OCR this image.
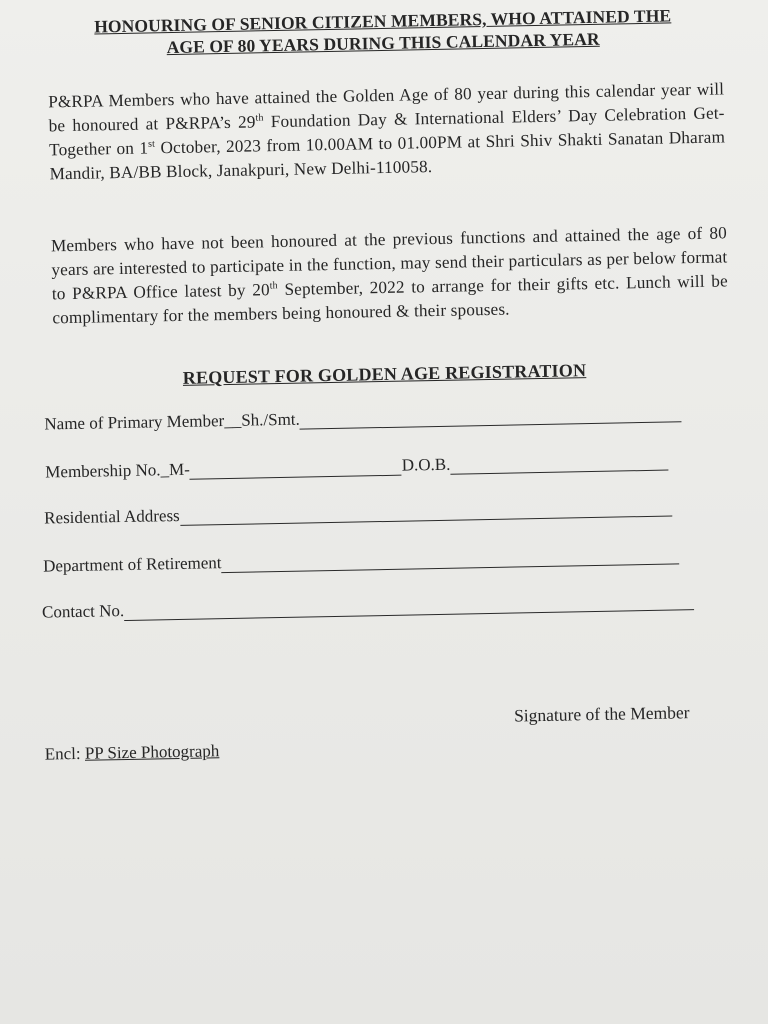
HONOURING OF SENIOR CITIZEN MEMBERS, WHO ATTAINED THE
AGE OF 80 YEARS DURING THIS CALENDAR YEAR
P&RPA Members who have attained the Golden Age of 80 year during this calendar year will be honoured at P&RPA’s 29th Foundation Day & International Elders’ Day Celebration Get-Together on 1st October, 2023 from 10.00AM to 01.00PM at Shri Shiv Shakti Sanatan Dharam Mandir, BA/BB Block, Janakpuri, New Delhi-110058.
Members who have not been honoured at the previous functions and attained the age of 80 years are interested to participate in the function, may send their particulars as per below format to P&RPA Office latest by 20th September, 2022 to arrange for their gifts etc. Lunch will be complimentary for the members being honoured & their spouses.
REQUEST FOR GOLDEN AGE REGISTRATION
Name of Primary Member__Sh./Smt.
Membership No._M-	D.O.B.
Residential Address
Department of Retirement
Contact No.
Signature of the Member
Encl: PP Size Photograph
